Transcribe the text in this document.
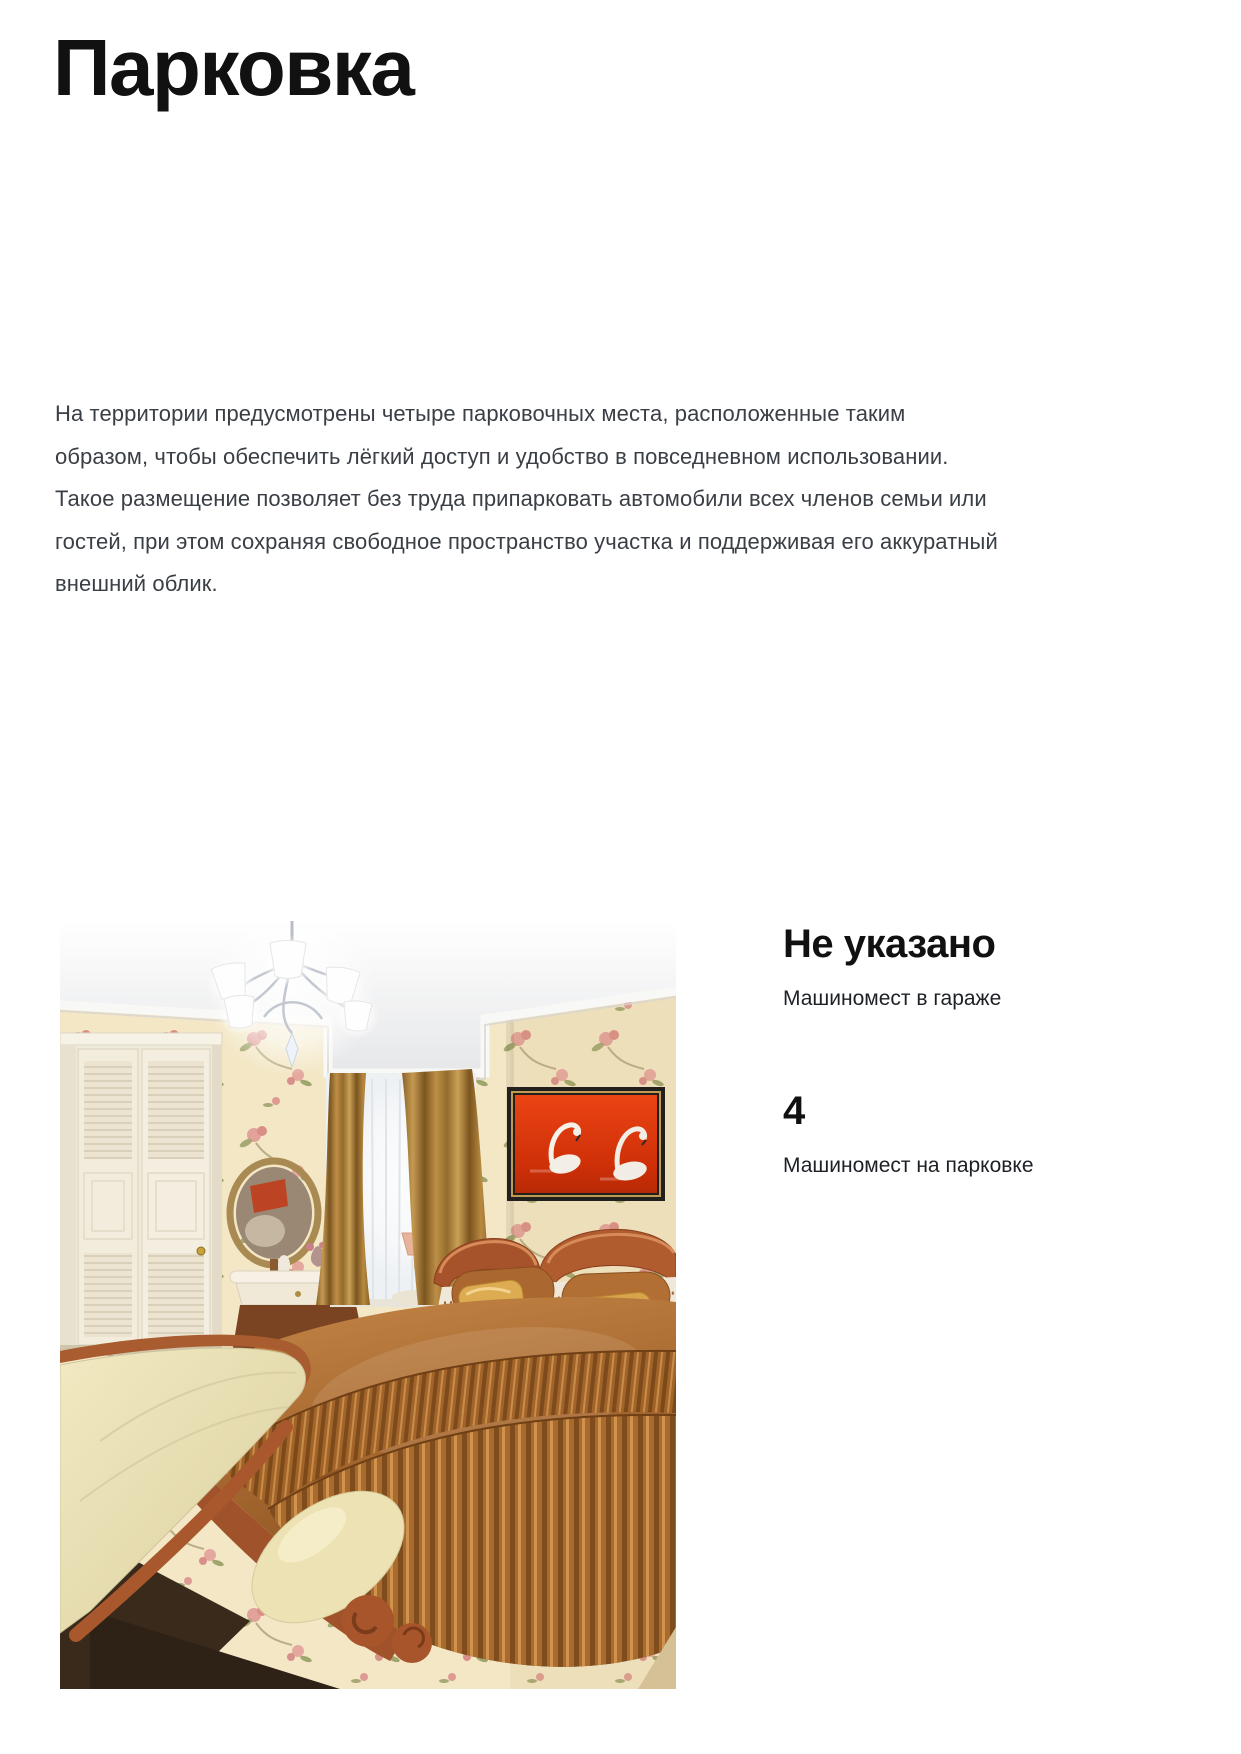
Парковка

На территории предусмотрены четыре парковочных места, расположенные таким образом, чтобы обеспечить лёгкий доступ и удобство в повседневном использовании. Такое размещение позволяет без труда припарковать автомобили всех членов семьи или гостей, при этом сохраняя свободное пространство участка и поддерживая его аккуратный внешний облик.

Не указано
Машиномест в гараже
4
Машиномест на парковке
